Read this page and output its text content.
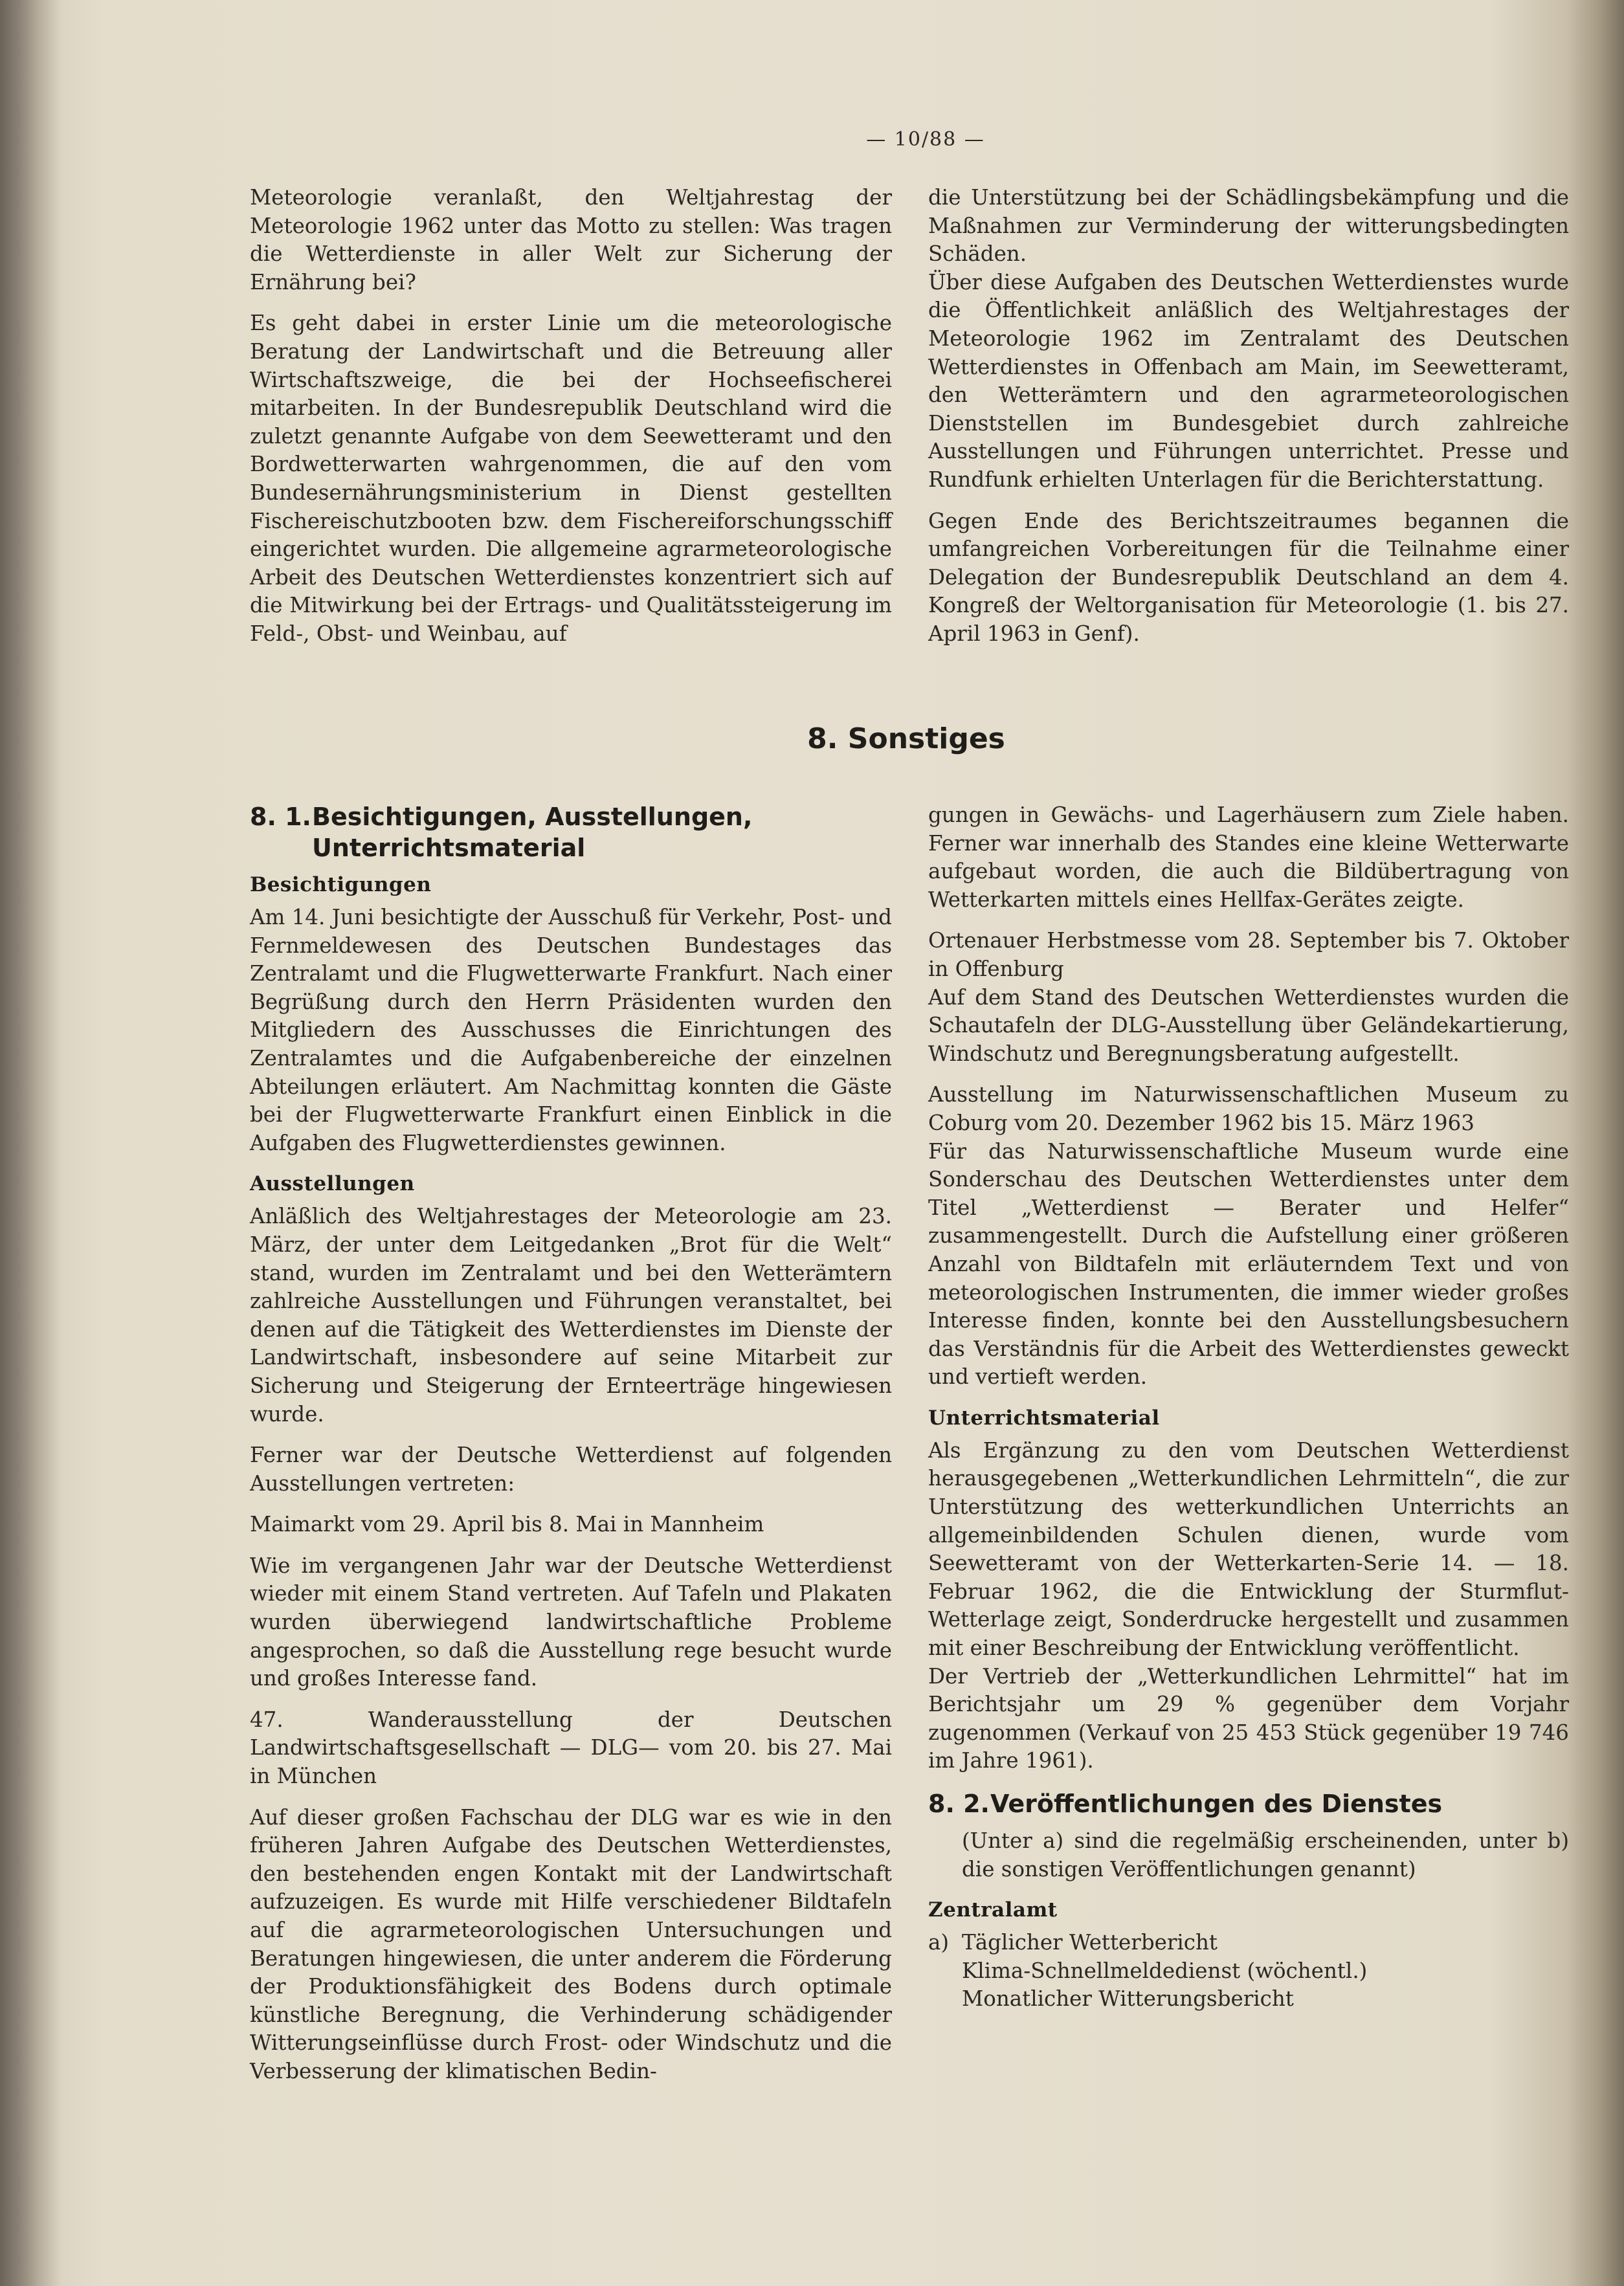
— 10/88 —

Meteorologie veranlaßt, den Weltjahrestag der Meteorologie 1962 unter das Motto zu stellen: Was tragen die Wetterdienste in aller Welt zur Sicherung der Ernährung bei?

Es geht dabei in erster Linie um die meteorologische Beratung der Landwirtschaft und die Betreuung aller Wirtschaftszweige, die bei der Hochseefischerei mitarbeiten. In der Bundesrepublik Deutschland wird die zuletzt genannte Aufgabe von dem Seewetteramt und den Bordwetterwarten wahrgenommen, die auf den vom Bundesernährungsministerium in Dienst gestellten Fischereischutzbooten bzw. dem Fischereiforschungsschiff eingerichtet wurden. Die allgemeine agrarmeteorologische Arbeit des Deutschen Wetterdienstes konzentriert sich auf die Mitwirkung bei der Ertrags- und Qualitätssteigerung im Feld-, Obst- und Weinbau, auf

die Unterstützung bei der Schädlingsbekämpfung und die Maßnahmen zur Verminderung der witterungsbedingten Schäden.

Über diese Aufgaben des Deutschen Wetterdienstes wurde die Öffentlichkeit anläßlich des Weltjahrestages der Meteorologie 1962 im Zentralamt des Deutschen Wetterdienstes in Offenbach am Main, im Seewetteramt, den Wetterämtern und den agrarmeteorologischen Dienststellen im Bundesgebiet durch zahlreiche Ausstellungen und Führungen unterrichtet. Presse und Rundfunk erhielten Unterlagen für die Berichterstattung.

Gegen Ende des Berichtszeitraumes begannen die umfangreichen Vorbereitungen für die Teilnahme einer Delegation der Bundesrepublik Deutschland an dem 4. Kongreß der Weltorganisation für Meteorologie (1. bis 27. April 1963 in Genf).

8. Sonstiges
8. 1.Besichtigungen, Ausstellungen,
Unterrichtsmaterial
Besichtigungen

Am 14. Juni besichtigte der Ausschuß für Verkehr, Post- und Fernmeldewesen des Deutschen Bundestages das Zentralamt und die Flugwetterwarte Frankfurt. Nach einer Begrüßung durch den Herrn Präsidenten wurden den Mitgliedern des Ausschusses die Einrichtungen des Zentralamtes und die Aufgabenbereiche der einzelnen Abteilungen erläutert. Am Nachmittag konnten die Gäste bei der Flugwetterwarte Frankfurt einen Einblick in die Aufgaben des Flugwetterdienstes gewinnen.

Ausstellungen

Anläßlich des Weltjahrestages der Meteorologie am 23. März, der unter dem Leitgedanken „Brot für die Welt“ stand, wurden im Zentralamt und bei den Wetterämtern zahlreiche Ausstellungen und Führungen veranstaltet, bei denen auf die Tätigkeit des Wetterdienstes im Dienste der Landwirtschaft, insbesondere auf seine Mitarbeit zur Sicherung und Steigerung der Ernteerträge hingewiesen wurde.

Ferner war der Deutsche Wetterdienst auf folgenden Ausstellungen vertreten:

Maimarkt vom 29. April bis 8. Mai in Mannheim

Wie im vergangenen Jahr war der Deutsche Wetterdienst wieder mit einem Stand vertreten. Auf Tafeln und Plakaten wurden überwiegend landwirtschaftliche Probleme angesprochen, so daß die Ausstellung rege besucht wurde und großes Interesse fand.

47. Wanderausstellung der Deutschen Landwirtschaftsgesellschaft — DLG— vom 20. bis 27. Mai in München

Auf dieser großen Fachschau der DLG war es wie in den früheren Jahren Aufgabe des Deutschen Wetterdienstes, den bestehenden engen Kontakt mit der Landwirtschaft aufzuzeigen. Es wurde mit Hilfe verschiedener Bildtafeln auf die agrarmeteorologischen Untersuchungen und Beratungen hingewiesen, die unter anderem die Förderung der Produktionsfähigkeit des Bodens durch optimale künstliche Beregnung, die Verhinderung schädigender Witterungseinflüsse durch Frost- oder Windschutz und die Verbesserung der klimatischen Bedin-

gungen in Gewächs- und Lagerhäusern zum Ziele haben. Ferner war innerhalb des Standes eine kleine Wetterwarte aufgebaut worden, die auch die Bildübertragung von Wetterkarten mittels eines Hellfax-Gerätes zeigte.

Ortenauer Herbstmesse vom 28. September bis 7. Oktober in Offenburg

Auf dem Stand des Deutschen Wetterdienstes wurden die Schautafeln der DLG-Ausstellung über Geländekartierung, Windschutz und Beregnungsberatung aufgestellt.

Ausstellung im Naturwissenschaftlichen Museum zu Coburg vom 20. Dezember 1962 bis 15. März 1963

Für das Naturwissenschaftliche Museum wurde eine Sonderschau des Deutschen Wetterdienstes unter dem Titel „Wetterdienst — Berater und Helfer“ zusammengestellt. Durch die Aufstellung einer größeren Anzahl von Bildtafeln mit erläuterndem Text und von meteorologischen Instrumenten, die immer wieder großes Interesse finden, konnte bei den Ausstellungsbesuchern das Verständnis für die Arbeit des Wetterdienstes geweckt und vertieft werden.

Unterrichtsmaterial

Als Ergänzung zu den vom Deutschen Wetterdienst herausgegebenen „Wetterkundlichen Lehrmitteln“, die zur Unterstützung des wetterkundlichen Unterrichts an allgemeinbildenden Schulen dienen, wurde vom Seewetteramt von der Wetterkarten-Serie 14. — 18. Februar 1962, die die Entwicklung der Sturmflut-Wetterlage zeigt, Sonderdrucke hergestellt und zusammen mit einer Beschreibung der Entwicklung veröffentlicht.

Der Vertrieb der „Wetterkundlichen Lehrmittel“ hat im Berichtsjahr um 29 % gegenüber dem Vorjahr zugenommen (Verkauf von 25 453 Stück gegenüber 19 746 im Jahre 1961).

8. 2.Veröffentlichungen des Dienstes

(Unter a) sind die regelmäßig erscheinenden, unter b) die sonstigen Veröffentlichungen genannt)

Zentralamt
a) Täglicher Wetterbericht
Klima-Schnellmeldedienst (wöchentl.)
Monatlicher Witterungsbericht
